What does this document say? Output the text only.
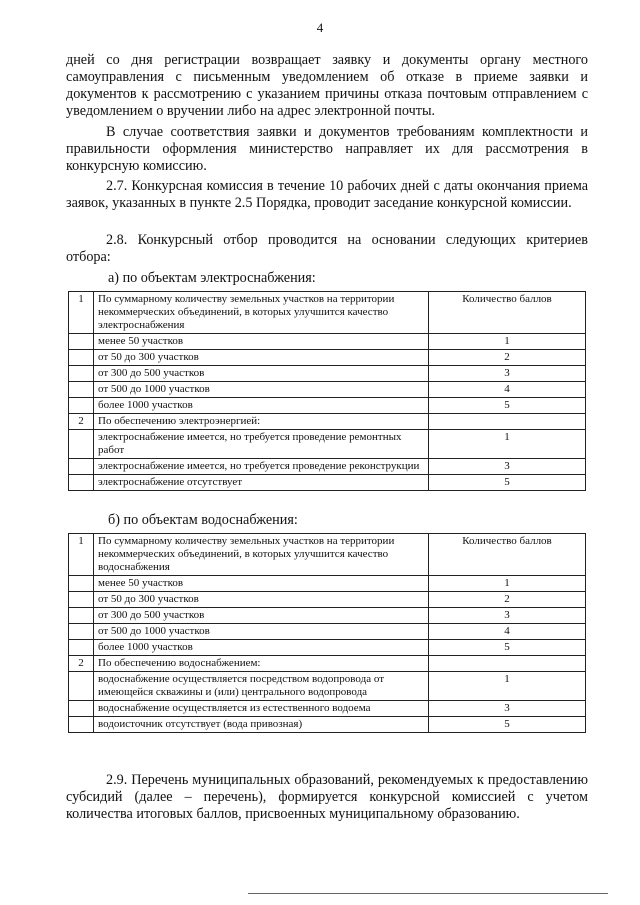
4

дней со дня регистрации возвращает заявку и документы органу местного самоуправления с письменным уведомлением об отказе в приеме заявки и документов к рассмотрению с указанием причины отказа почтовым отправлением с уведомлением о вручении либо на адрес электронной почты.

В случае соответствия заявки и документов требованиям комплектности и правильности оформления министерство направляет их для рассмотрения в конкурсную комиссию.

2.7. Конкурсная комиссия в течение 10 рабочих дней с даты окончания приема заявок, указанных в пункте 2.5 Порядка, проводит заседание конкурсной комиссии.

2.8. Конкурсный отбор проводится на основании следующих критериев отбора:

а) по объектам электроснабжения:
1	По суммарному количеству земельных участков на территории некоммерческих объединений, в которых улучшится качество электроснабжения	Количество баллов
	менее 50 участков	1
	от 50 до 300 участков	2
	от 300 до 500 участков	3
	от 500 до 1000 участков	4
	более 1000 участков	5
2	По обеспечению электроэнергией:	
	электроснабжение имеется, но требуется проведение ремонтных работ	1
	электроснабжение имеется, но требуется проведение реконструкции	3
	электроснабжение отсутствует	5
б) по объектам водоснабжения:
1	По суммарному количеству земельных участков на территории некоммерческих объединений, в которых улучшится качество водоснабжения	Количество баллов
	менее 50 участков	1
	от 50 до 300 участков	2
	от 300 до 500 участков	3
	от 500 до 1000 участков	4
	более 1000 участков	5
2	По обеспечению водоснабжением:	
	водоснабжение осуществляется посредством водопровода от имеющейся скважины и (или) центрального водопровода	1
	водоснабжение осуществляется из естественного водоема	3
	водоисточник отсутствует (вода привозная)	5

2.9. Перечень муниципальных образований, рекомендуемых к предоставлению субсидий (далее – перечень), формируется конкурсной комиссией с учетом количества итоговых баллов, присвоенных муниципальному образованию.
